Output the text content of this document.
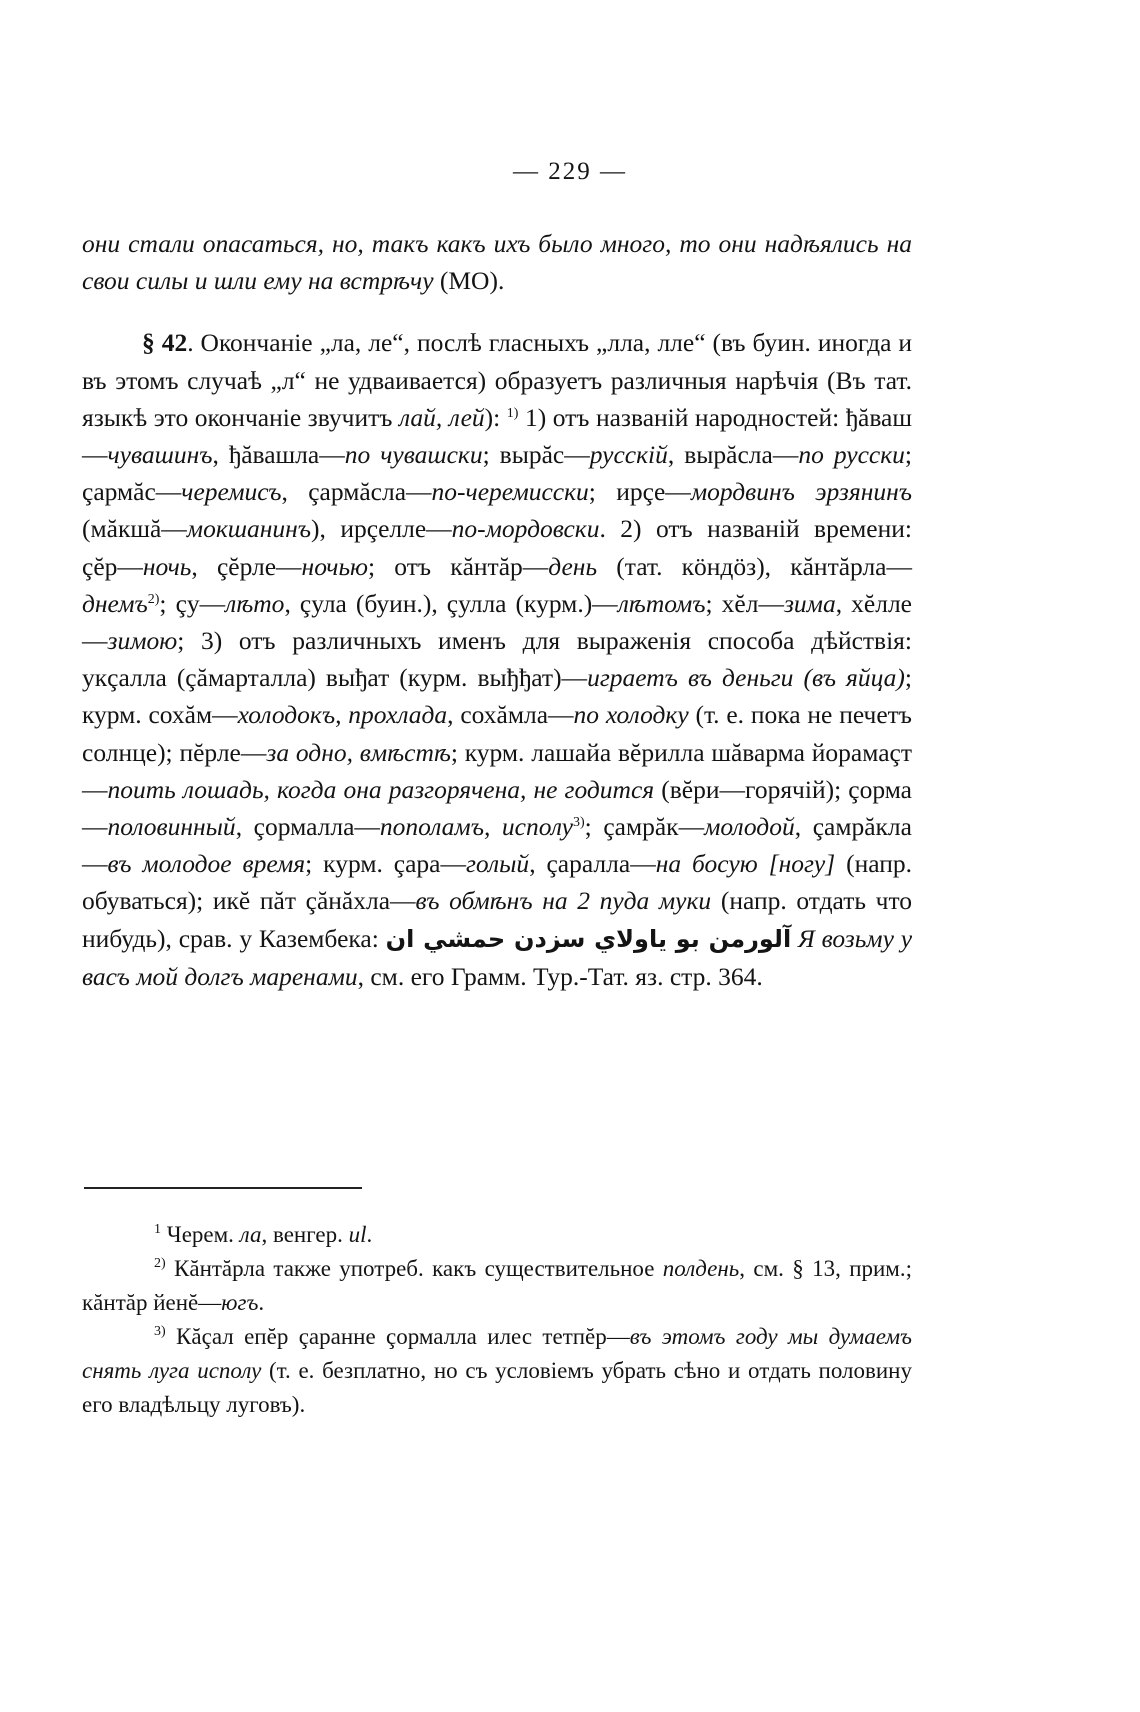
— 229 —

они стали опасаться, но, такъ какъ ихъ было много, то они надѣялись на свои силы и шли ему на встрѣчу (МО).

§ 42. Окончаніе „ла, ле“, послѣ гласныхъ „лла, лле“ (въ буин. иногда и въ этомъ случаѣ „л“ не удваивается) образуетъ различныя нарѣчія (Въ тат. языкѣ это окончаніе звучитъ лай, лей): $^{1)}$ 1) отъ названій народностей: ђăваш—чувашинъ, ђăвашла—по чувашски; вырăс—русскій, вырăсла—по русски; çармăс—черемисъ, çармăсла—по-черемисски; ирçе—мордвинъ эрзянинъ (мăкшă—мокшанинъ), ирçелле—по-мордовски. 2) отъ названій времени: çĕр—ночь, çĕрле—ночью; отъ кăнтăр—день (тат. кöндöз), кăнтăрла—днемъ$^{2)}$; çу—лѣто, çула (буин.), çулла (курм.)—лѣтомъ; хĕл—зима, хĕлле—зимою; 3) отъ различныхъ именъ для выраженія способа дѣйствія: укçалла (çăмарталла) выђат (курм. выђђат)—играетъ въ деньги (въ яйца); курм. сохăм—холодокъ, прохлада, сохăмла—по холодку (т. е. пока не печетъ солнце); пĕрле—за одно, вмѣстѣ; курм. лашайа вĕрилла шăварма йорамаçт—поить лошадь, когда она разгорячена, не годится (вĕри—горячій); çорма—половинный, çормалла—пополамъ, исполу$^{3)}$; çамрăк—молодой, çамрăкла—въ молодое время; курм. çара—голый, çаралла—на босую [ногу] (напр. обуваться); икĕ пăт çăнăхла—въ обмѣнъ на 2 пуда муки (напр. отдать что нибудь), срав. у Казембека: آلورمن بو ياولاي سزدن حمشي ان Я возьму у васъ мой долгъ маренами, см. его Грамм. Тур.-Тат. яз. стр. 364.

$^1$ Черем. ла, венгер. ul.

$^{2)}$ Кăнтăрла также употреб. какъ существительное полдень, см. § 13, прим.; кăнтăр йенĕ—югъ.

$^{3)}$ Кăçал епĕр çаранне çормалла илес тетпĕр—въ этомъ году мы думаемъ снять луга исполу (т. е. безплатно, но съ условіемъ убрать сѣно и отдать половину его владѣльцу луговъ).
